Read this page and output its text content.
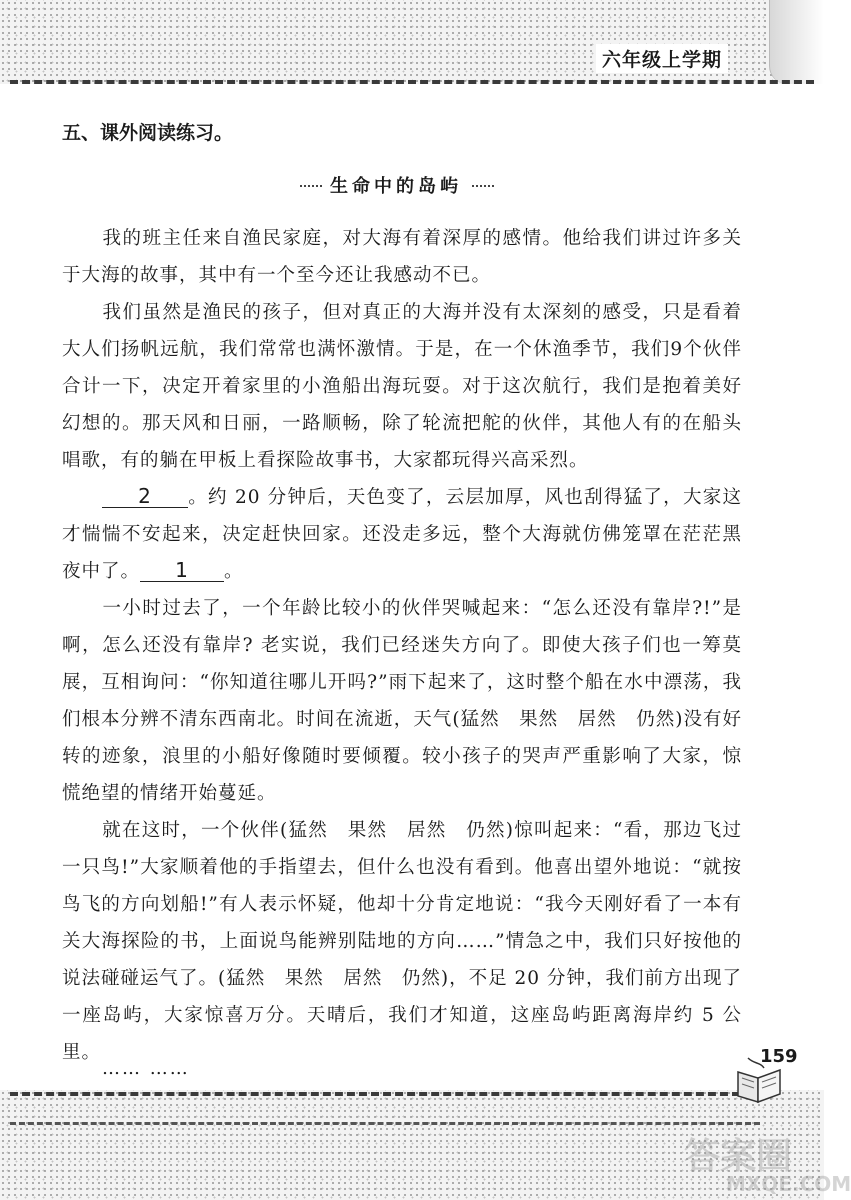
六年级上学期
五、课外阅读练习。
生命中的岛屿
我的班主任来自渔民家庭，对大海有着深厚的感情。他给我们讲过许多关于大海的故事，其中有一个至今还让我感动不已。
我们虽然是渔民的孩子，但对真正的大海并没有太深刻的感受，只是看着大人们扬帆远航，我们常常也满怀激情。于是，在一个休渔季节，我们9个伙伴合计一下，决定开着家里的小渔船出海玩耍。对于这次航行，我们是抱着美好幻想的。那天风和日丽，一路顺畅，除了轮流把舵的伙伴，其他人有的在船头唱歌，有的躺在甲板上看探险故事书，大家都玩得兴高采烈。
2 。约 20 分钟后，天色变了，云层加厚，风也刮得猛了，大家这才惴惴不安起来，决定赶快回家。还没走多远，整个大海就仿佛笼罩在茫茫黑夜中了。 1 。
一小时过去了，一个年龄比较小的伙伴哭喊起来：“怎么还没有靠岸?!”是啊，怎么还没有靠岸? 老实说，我们已经迷失方向了。即使大孩子们也一筹莫展，互相询问：“你知道往哪儿开吗?”雨下起来了，这时整个船在水中漂荡，我们根本分辨不清东西南北。时间在流逝，天气(猛然　果然　居然　仍然)没有好转的迹象，浪里的小船好像随时要倾覆。较小孩子的哭声严重影响了大家，惊慌绝望的情绪开始蔓延。
就在这时，一个伙伴(猛然　果然　居然　仍然)惊叫起来：“看，那边飞过一只鸟!”大家顺着他的手指望去，但什么也没有看到。他喜出望外地说：“就按鸟飞的方向划船!”有人表示怀疑，他却十分肯定地说：“我今天刚好看了一本有关大海探险的书，上面说鸟能辨别陆地的方向……”情急之中，我们只好按他的说法碰碰运气了。(猛然　果然　居然　仍然)，不足 20 分钟，我们前方出现了一座岛屿，大家惊喜万分。天晴后，我们才知道，这座岛屿距离海岸约 5 公里。
…… ……
159
答案圈
MXQE.COM
